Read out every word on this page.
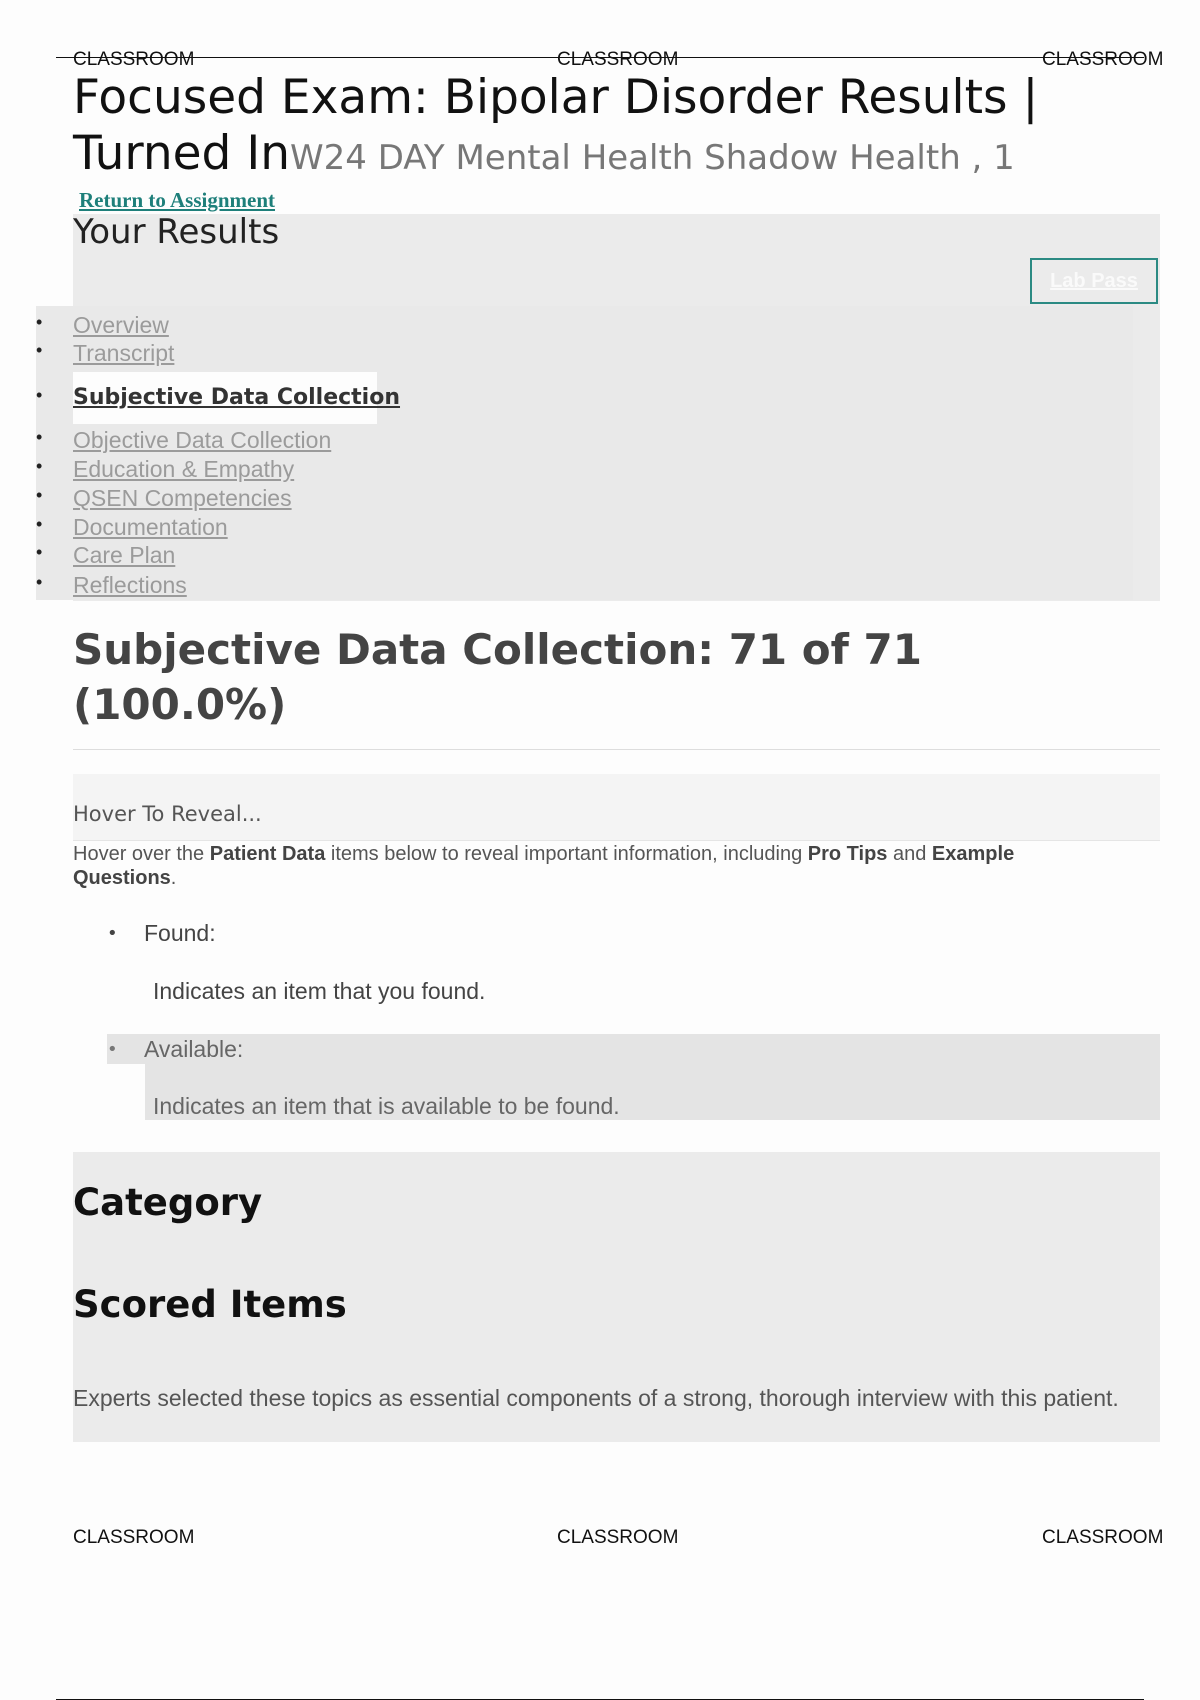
CLASSROOM	CLASSROOM	CLASSROOM
Focused Exam: Bipolar Disorder Results | Turned InW24 DAY Mental Health Shadow Health , 1
Return to Assignment
Your Results
Lab Pass
• Overview
• Transcript
• Subjective Data Collection
• Objective Data Collection
• Education & Empathy
• QSEN Competencies
• Documentation
• Care Plan
• Reflections
Subjective Data Collection: 71 of 71 (100.0%)
Hover To Reveal...
Hover over the Patient Data items below to reveal important information, including Pro Tips and Example Questions.
• Found:
Indicates an item that you found.
• Available:
Indicates an item that is available to be found.
Category
Scored Items

Experts selected these topics as essential components of a strong, thorough interview with this patient.

CLASSROOM	CLASSROOM	CLASSROOM
